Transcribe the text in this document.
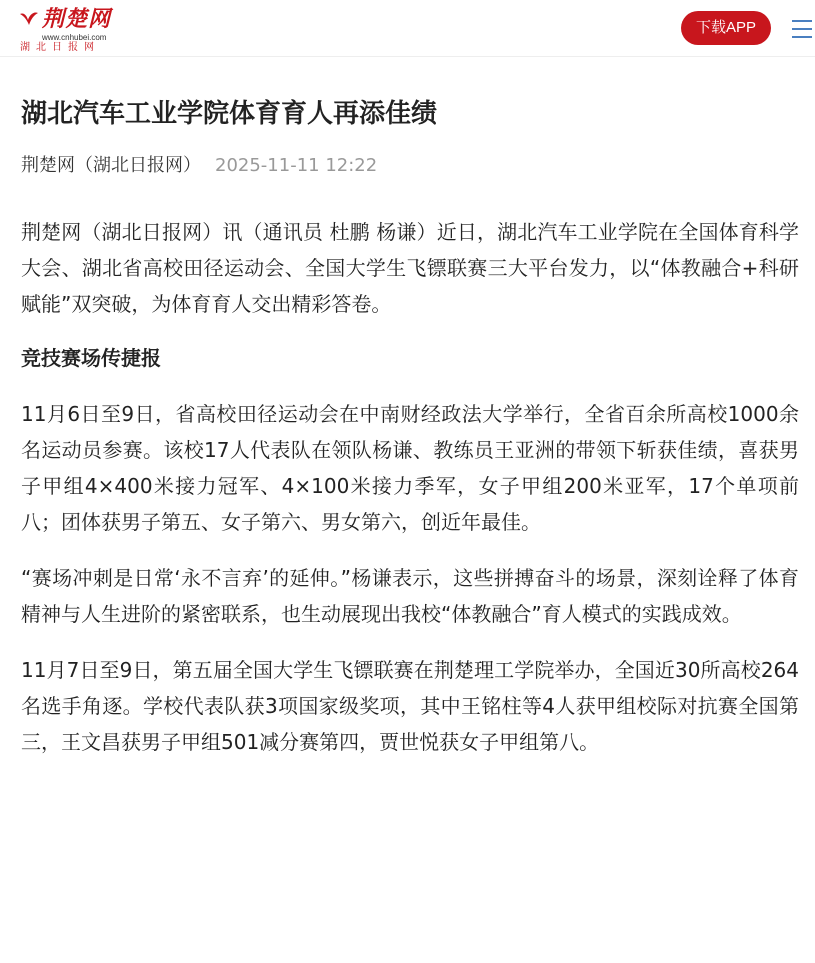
荆楚网
www.cnhubei.com
湖北日报网
下载APP
湖北汽车工业学院体育育人再添佳绩
荆楚网（湖北日报网） 2025-11-11 12:22

荆楚网（湖北日报网）讯（通讯员 杜鹏 杨谦）近日，湖北汽车工业学院在全国体育科学大会、湖北省高校田径运动会、全国大学生飞镖联赛三大平台发力，以“体教融合+科研赋能”双突破，为体育育人交出精彩答卷。

竞技赛场传捷报

11月6日至9日，省高校田径运动会在中南财经政法大学举行，全省百余所高校1000余名运动员参赛。该校17人代表队在领队杨谦、教练员王亚洲的带领下斩获佳绩，喜获男子甲组4×400米接力冠军、4×100米接力季军，女子甲组200米亚军，17个单项前八；团体获男子第五、女子第六、男女第六，创近年最佳。

“赛场冲刺是日常‘永不言弃’的延伸。”杨谦表示，这些拼搏奋斗的场景，深刻诠释了体育精神与人生进阶的紧密联系，也生动展现出我校“体教融合”育人模式的实践成效。

11月7日至9日，第五届全国大学生飞镖联赛在荆楚理工学院举办，全国近30所高校264名选手角逐。学校代表队获3项国家级奖项，其中王铭柱等4人获甲组校际对抗赛全国第三，王文昌获男子甲组501减分赛第四，贾世悦获女子甲组第八。
